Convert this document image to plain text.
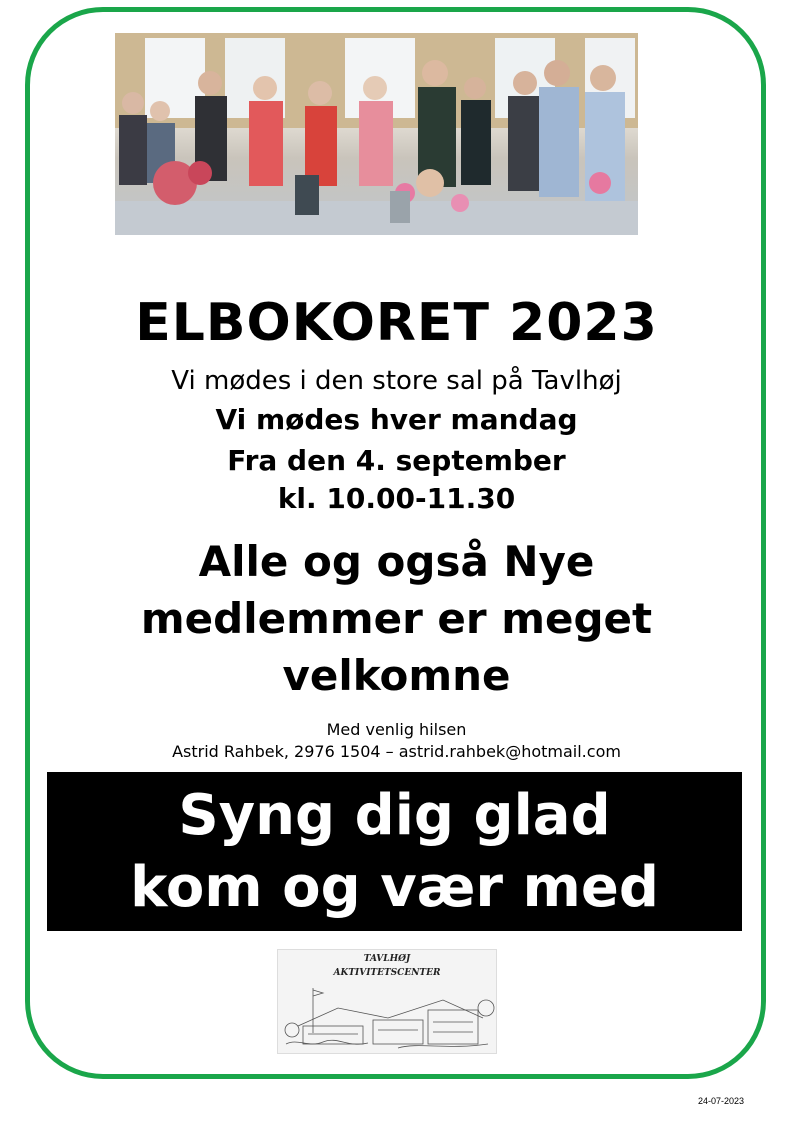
ELBOKORET 2023
Vi mødes i den store sal på Tavlhøj
Vi mødes hver mandag
Fra den 4. september
kl. 10.00-11.30
Alle og også Nye
medlemmer er meget
velkomne
Med venlig hilsen
Astrid Rahbek, 2976 1504 – astrid.rahbek@hotmail.com
Syng dig glad
kom og vær med
TAVLHØJ
AKTIVITETSCENTER
24-07-2023
